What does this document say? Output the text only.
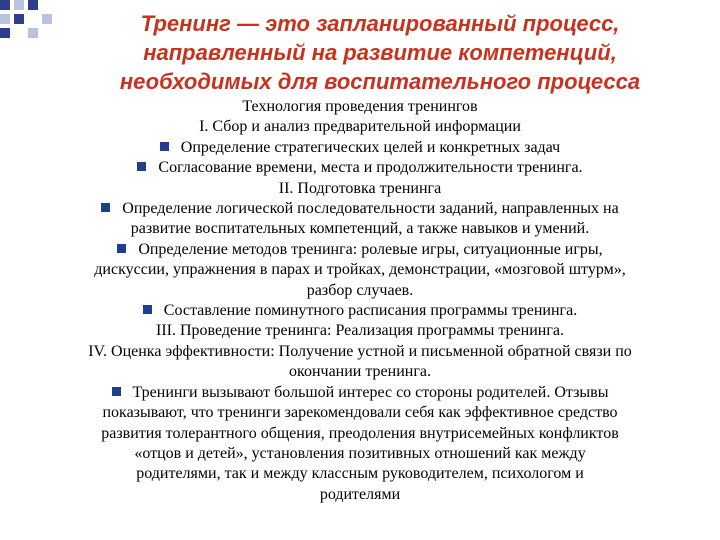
Тренинг — это запланированный процесс,
направленный на развитие компетенций,
необходимых для воспитательного процесса
Технология проведения тренингов
I. Сбор и анализ предварительной информации
Определение стратегических целей и конкретных задач
Согласование времени, места и продолжительности тренинга.
II. Подготовка тренинга
Определение логической последовательности заданий, направленных на
развитие воспитательных компетенций, а также навыков и умений.
Определение методов тренинга: ролевые игры, ситуационные игры,
дискуссии, упражнения в парах и тройках, демонстрации, «мозговой штурм»,
разбор случаев.
Составление поминутного расписания программы тренинга.
III. Проведение тренинга: Реализация программы тренинга.
IV. Оценка эффективности: Получение устной и письменной обратной связи по
окончании тренинга.
Тренинги вызывают большой интерес со стороны родителей. Отзывы
показывают, что тренинги зарекомендовали себя как эффективное средство
развития толерантного общения, преодоления внутрисемейных конфликтов
«отцов и детей», установления позитивных отношений как между
родителями, так и между классным руководителем, психологом и
родителями
